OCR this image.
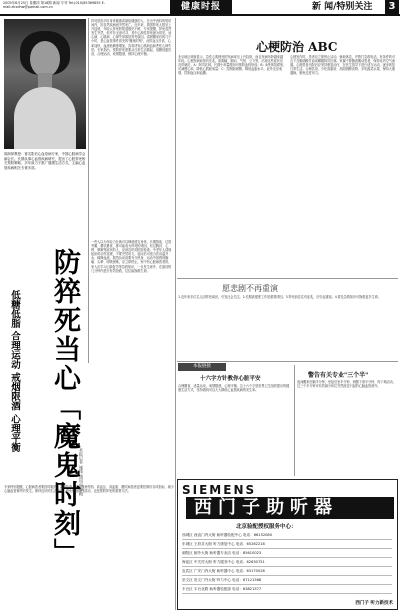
2005年8月25日 星期四 第18期 新闻 专刊 Tel:(010)85369855 E-mail:zhxdhw@pamail.com.cn	健康时报	新 闻/特别关注	3
胡润萍教授：著名影后心血疫病专家，中国心脏病学会副会长。长期从事心血管疾病研究，提出了心脏猝死相关预防策略，多年致力于推广健康生活方式，主编心血管疾病相关专著多部。
防猝死当心「魔鬼时刻」
低糖低脂 合理运动 戒烟限酒 心理平衡
本报记者 施锋 通讯员 李梅
猝死是指平时身体健康或貌似健康的人，在出乎意料的短时间内，因自然疾病而突然死亡。近年来，我国猝死人数呈上升趋势，年轻人猝死的报道屡见不鲜，专家提醒，猝死虽然发生突然，但并非无迹可寻，其中心源性猝死最为常见，冠心病、心肌病、心律失常都是常见原因。清晨醒来后的几个小时，是心血管事件高发的"魔鬼时刻"，此时血压升高、心率加快，血液粘稠度增加，容易诱发心肌缺血和恶性心律失常。专家指出，预防猝死需要从日常生活做起，低糖低脂饮食，合理运动，戒烟限酒，保持心理平衡。
一些人以为年轻力壮就可以肆意透支身体，长期熬夜、过度劳累、暴饮暴食，都可能成为猝死的诱因。有过胸闷、心悸、晕厥等症状的人，应该及时到医院检查。中老年人清晨起床时动作宜缓，不要突然用力，起床后可适当饮用温开水，稀释血液。剧烈运动前要充分热身，运动中如感到胸痛、头晕、呼吸困难，应立即停止。家中有心脏病患者的，家人应学习心肺复苏等急救知识，一旦发生意外，在最初的几分钟内进行有效抢救，往往能挽救生命。
专家特别提醒，心脏病患者要按时服药，定期复查，不可随意停药。高血压、高血脂、糖尿病患者更要控制好各项指标，减少心脑血管事件的发生。保持良好的生活规律，避免情绪剧烈波动，也是预防猝死的重要方法。
心梗防治 ABC
北京地区调查显示，急性心肌梗死的发病率呈上升趋势，而且发病年龄越来越年轻。心梗发病前常有先兆，如胸痛、胸闷、气短、乏力等，出现这些症状应及时就医。A：阿司匹林，长期小剂量服用可预防血栓形成；B：β受体阻滞剂，可减慢心率，降低心肌耗氧量；C：控制胆固醇，降低血脂水平。此外还应戒烟，控制血压和血糖。
心梗发作时，患者应立即停止活动，就地休息，并拨打急救电话。有条件的可舌下含服硝酸甘油或嚼服阿司匹林。家属不要随意搬动患者，保持室内空气流通。心梗患者出院后应坚持康复治疗，在医生指导下进行适当运动，逐步恢复日常生活。合理饮食，少吃高脂肪、高胆固醇食物，多吃蔬菜水果，保持大便通畅，避免过度用力。
愿悲剧不再重演
1.近年来多位名人因猝死离世，引发社会关注。2.长期高强度工作是重要诱因。3.猝死前往往有征兆，应引起重视。4.普及急救知识可挽救更多生命。
本报链接
十六字方针教你心脏平安
合理膳食，适量运动，戒烟限酒，心理平衡。这十六个字是世界卫生组织提出的健康生活方式，坚持做到可以大大降低心血管疾病的发生率。
警告有关专业"三个半"
夜间醒来后躺半分钟，坐起后坐半分钟，两腿下垂半分钟，再下地活动。这三个半分钟可有效减少体位突然改变引起的心脑血管意外。
SIEMENS
西门子助听器
北京验配授权服务中心：
西城区 西直门内大街 助听器验配中心 电话：66152080
东城区 王府井大街 听力康复中心 电话：65262218
朝阳区 朝外大街 助听器专卖店 电话：85610023
海淀区 中关村大街 听力服务中心 电话：62630751
宣武区 广安门内大街 助听器中心 电话：63170028
崇文区 崇文门外大街 听力中心 电话：67121568
丰台区 丰台北路 助听器验配部 电话：63821577
西门子 听力新技术
